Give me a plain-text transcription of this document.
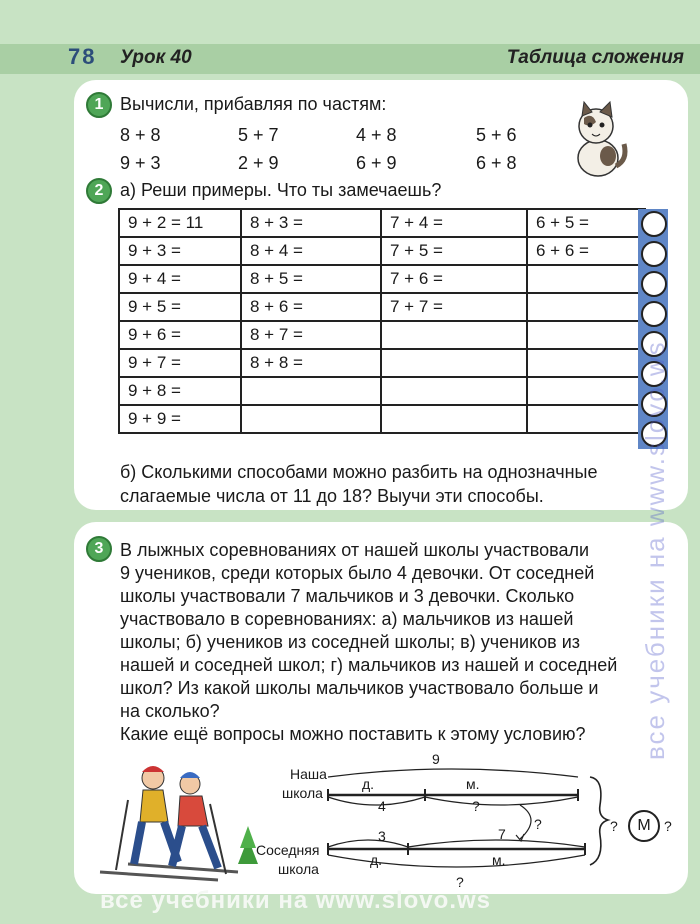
78 Урок 40	Таблица сложения
1 Вычисли, прибавляя по частям:
8 + 8	5 + 7	4 + 8	5 + 6
9 + 3	2 + 9	6 + 9	6 + 8
2 а) Реши примеры. Что ты замечаешь?
9 + 2 = 11	8 + 3 =	7 + 4 =	6 + 5 =
9 + 3 =	8 + 4 =	7 + 5 =	6 + 6 =
9 + 4 =	8 + 5 =	7 + 6 =	
9 + 5 =	8 + 6 =	7 + 7 =	
9 + 6 =	8 + 7 =		
9 + 7 =	8 + 8 =		
9 + 8 =			
9 + 9 =			
б) Сколькими способами можно разбить на однозначные
слагаемые числа от 11 до 18? Выучи эти способы.
3 В лыжных соревнованиях от нашей школы участвовали
9 учеников, среди которых было 4 девочки. От соседней
школы участвовали 7 мальчиков и 3 девочки. Сколько
участвовало в соревнованиях: а) мальчиков из нашей
школы; б) учеников из соседней школы; в) учеников из
нашей и соседней школ; г) мальчиков из нашей и соседней
школ? Из какой школы мальчиков участвовало больше и
на сколько?
Какие ещё вопросы можно поставить к этому условию?
Наша
школа
Соседняя
школа
9
д.	м.
4	?
3	7
?
д.	м.
?
?	М ?
все учебники на www.slovo.ws
все учебники на www.slovo.ws
